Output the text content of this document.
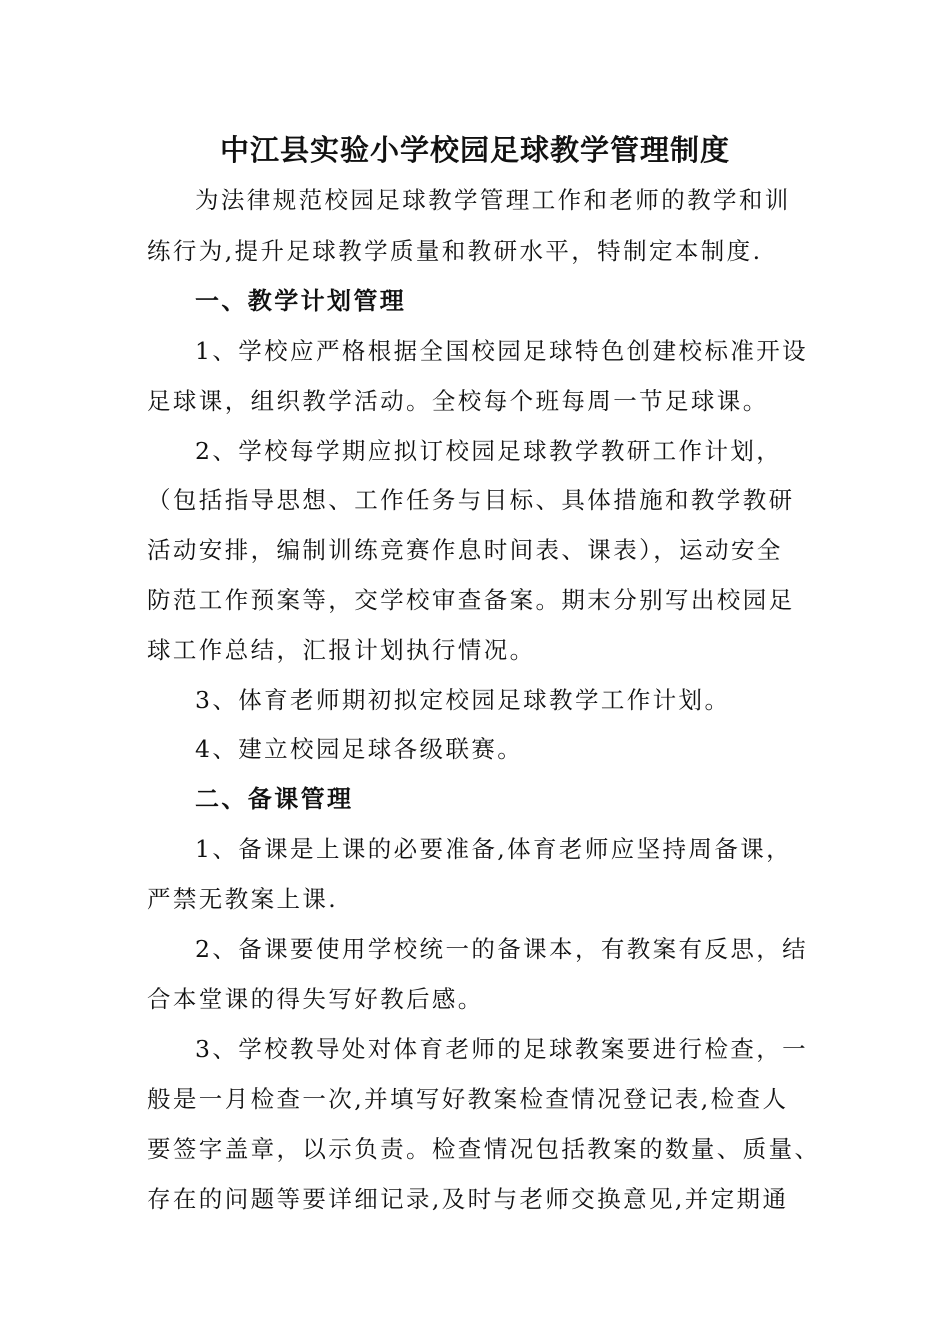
中江县实验小学校园足球教学管理制度

为法律规范校园足球教学管理工作和老师的教学和训

练行为,提升足球教学质量和教研水平，特制定本制度.

一、教学计划管理

1、学校应严格根据全国校园足球特色创建校标准开设

足球课，组织教学活动。全校每个班每周一节足球课。

2、学校每学期应拟订校园足球教学教研工作计划，

（包括指导思想、工作任务与目标、具体措施和教学教研

活动安排，编制训练竞赛作息时间表、课表），运动安全

防范工作预案等，交学校审查备案。期末分别写出校园足

球工作总结，汇报计划执行情况。

3、体育老师期初拟定校园足球教学工作计划。

4、建立校园足球各级联赛。

二、备课管理

1、备课是上课的必要准备,体育老师应坚持周备课，

严禁无教案上课.

2、备课要使用学校统一的备课本，有教案有反思，结

合本堂课的得失写好教后感。

3、学校教导处对体育老师的足球教案要进行检查，一

般是一月检查一次,并填写好教案检查情况登记表,检查人

要签字盖章，以示负责。检查情况包括教案的数量、质量、

存在的问题等要详细记录,及时与老师交换意见,并定期通
